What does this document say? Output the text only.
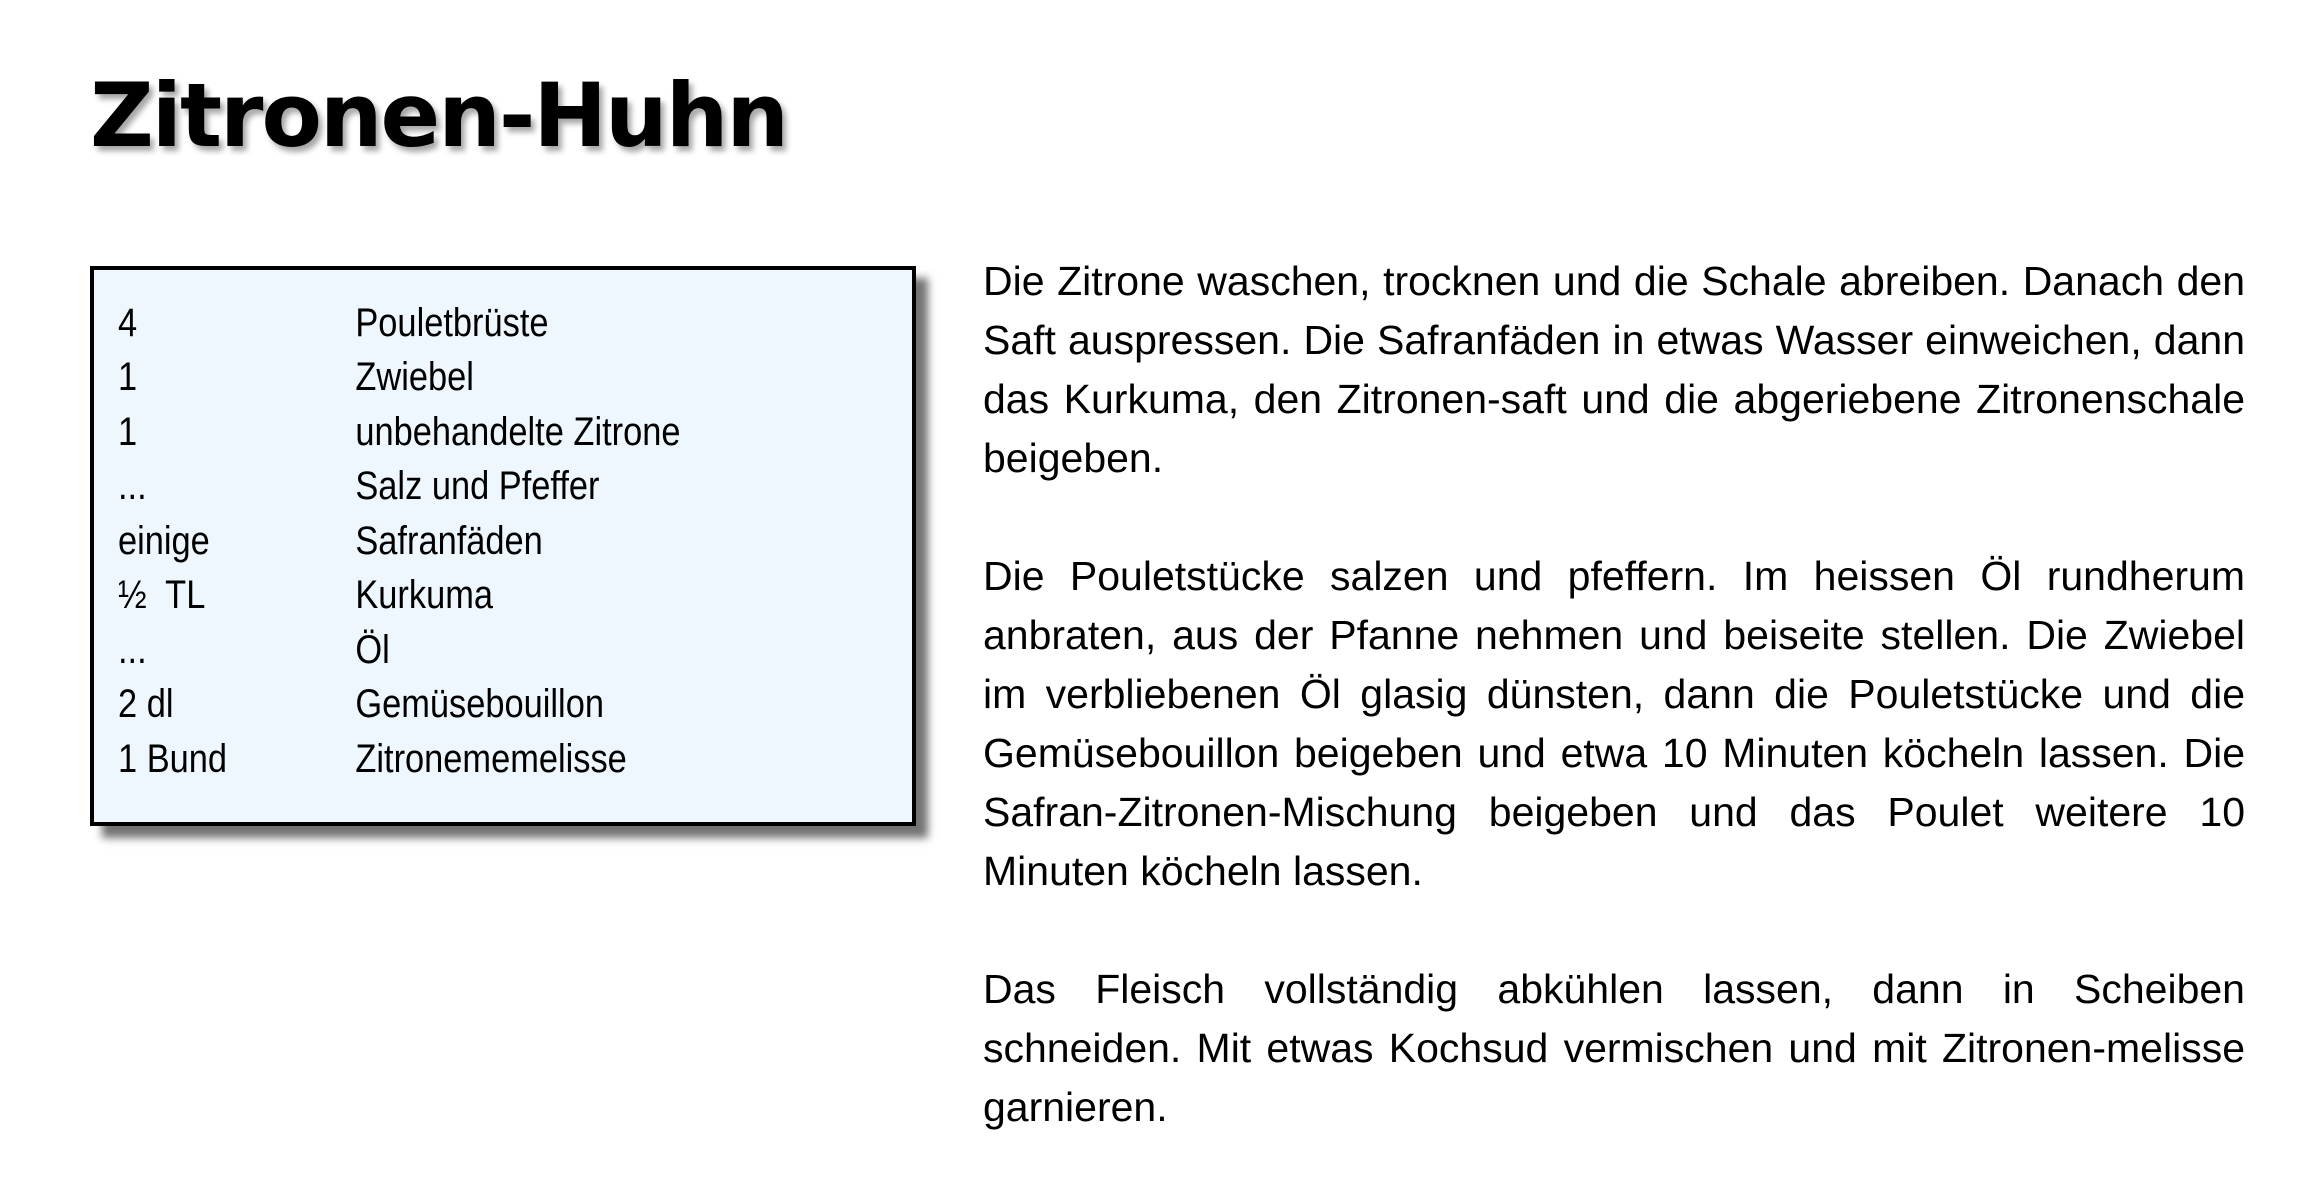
Zitronen-Huhn
4	Pouletbrüste
1	Zwiebel
1	unbehandelte Zitrone
...	Salz und Pfeffer
einige	Safranfäden
½  TL	Kurkuma
...	Öl
2 dl	Gemüsebouillon
1 Bund	Zitronememelisse

Die Zitrone waschen, trocknen und die Schale abreiben. Danach den Saft auspressen. Die Safranfäden in etwas Wasser einweichen, dann das Kurkuma, den Zitronen-saft und die abgeriebene Zitronenschale beigeben.

Die Pouletstücke salzen und pfeffern. Im heissen Öl rundherum anbraten, aus der Pfanne nehmen und beiseite stellen. Die Zwiebel im verbliebenen Öl glasig dünsten, dann die Pouletstücke und die Gemüsebouillon beigeben und etwa 10 Minuten köcheln lassen. Die Safran-Zitronen-Mischung beigeben und das Poulet weitere 10 Minuten köcheln lassen.

Das Fleisch vollständig abkühlen lassen, dann in Scheiben schneiden. Mit etwas Kochsud vermischen und mit Zitronen-melisse garnieren.
